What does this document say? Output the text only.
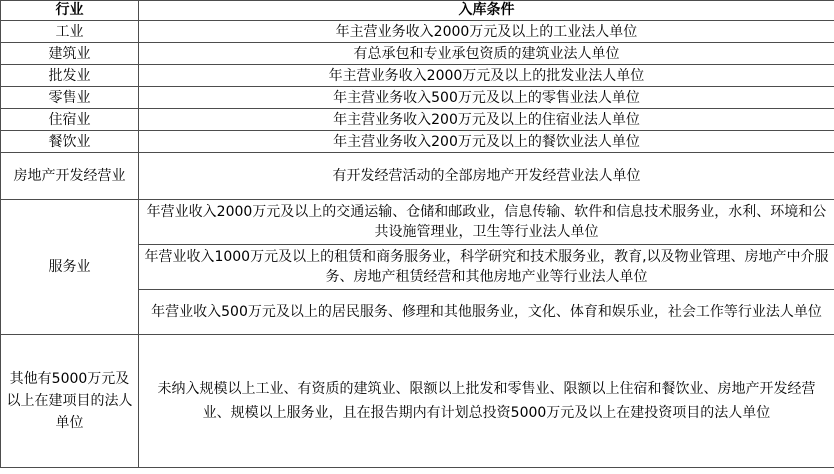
行业	入库条件
工业	年主营业务收入2000万元及以上的工业法人单位
建筑业	有总承包和专业承包资质的建筑业法人单位
批发业	年主营业务收入2000万元及以上的批发业法人单位
零售业	年主营业务收入500万元及以上的零售业法人单位
住宿业	年主营业务收入200万元及以上的住宿业法人单位
餐饮业	年主营业务收入200万元及以上的餐饮业法人单位
房地产开发经营业	有开发经营活动的全部房地产开发经营业法人单位
服务业	年营业收入2000万元及以上的交通运输、仓储和邮政业，信息传输、软件和信息技术服务业，水利、环境和公共设施管理业，卫生等行业法人单位
	年营业收入1000万元及以上的租赁和商务服务业，科学研究和技术服务业，教育,以及物业管理、房地产中介服务、房地产租赁经营和其他房地产业等行业法人单位
	年营业收入500万元及以上的居民服务、修理和其他服务业，文化、体育和娱乐业，社会工作等行业法人单位
其他有5000万元及以上在建项目的法人单位	未纳入规模以上工业、有资质的建筑业、限额以上批发和零售业、限额以上住宿和餐饮业、房地产开发经营业、规模以上服务业，且在报告期内有计划总投资5000万元及以上在建投资项目的法人单位
